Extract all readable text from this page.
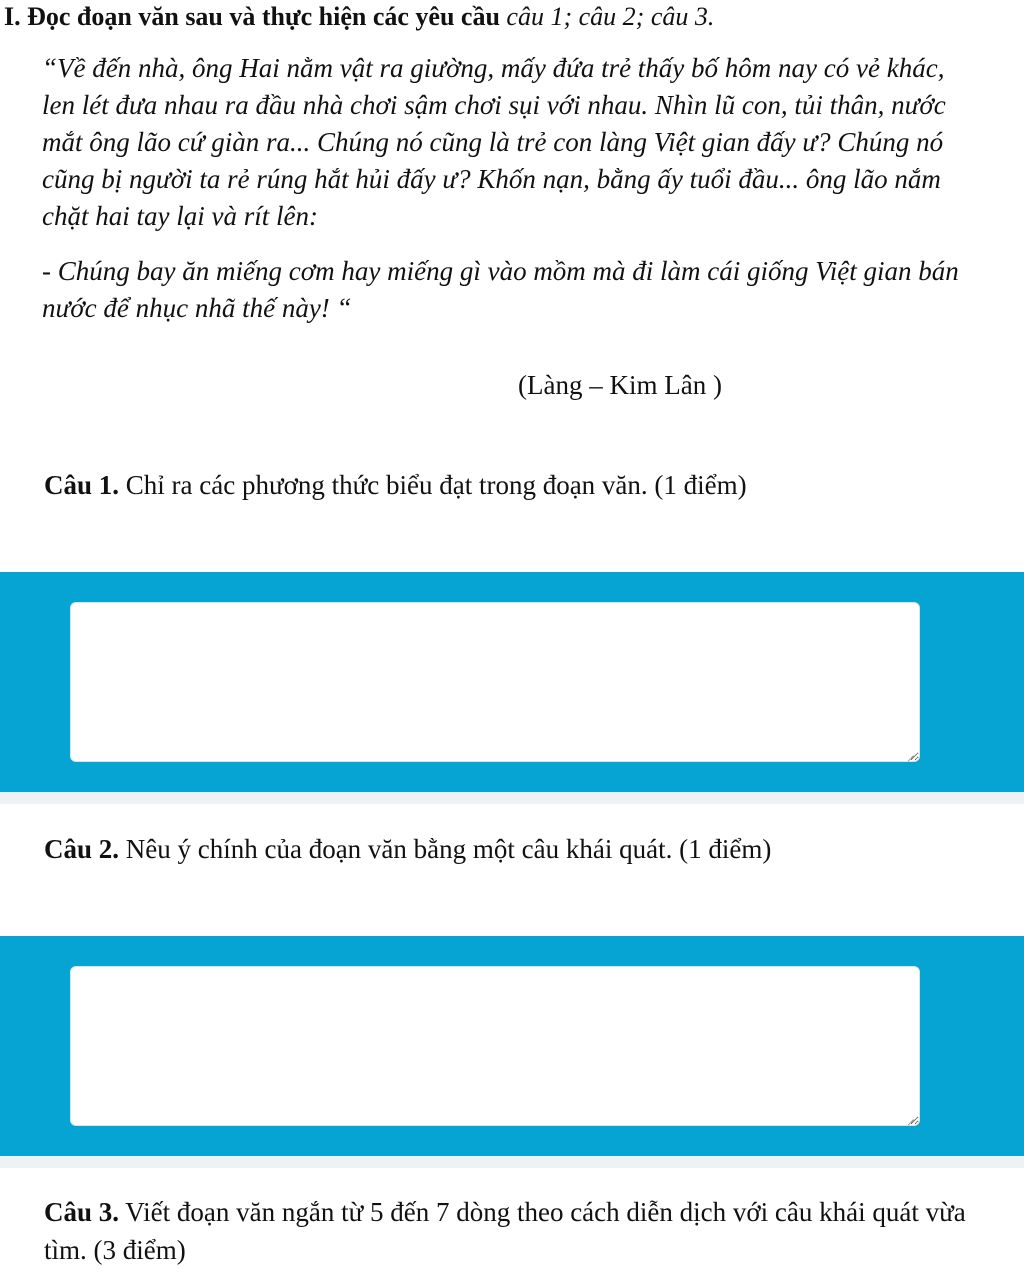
I. Đọc đoạn văn sau và thực hiện các yêu cầu câu 1; câu 2; câu 3.

“Về đến nhà, ông Hai nằm vật ra giường, mấy đứa trẻ thấy bố hôm nay có vẻ khác, len lét đưa nhau ra đầu nhà chơi sậm chơi sụi với nhau. Nhìn lũ con, tủi thân, nước mắt ông lão cứ giàn ra... Chúng nó cũng là trẻ con làng Việt gian đấy ư? Chúng nó cũng bị người ta rẻ rúng hắt hủi đấy ư? Khốn nạn, bằng ấy tuổi đầu... ông lão nắm chặt hai tay lại và rít lên:

- Chúng bay ăn miếng cơm hay miếng gì vào mồm mà đi làm cái giống Việt gian bán nước để nhục nhã thế này! “

(Làng – Kim Lân )
Câu 1. Chỉ ra các phương thức biểu đạt trong đoạn văn. (1 điểm)
Câu 2. Nêu ý chính của đoạn văn bằng một câu khái quát. (1 điểm)
Câu 3. Viết đoạn văn ngắn từ 5 đến 7 dòng theo cách diễn dịch với câu khái quát vừa tìm. (3 điểm)
